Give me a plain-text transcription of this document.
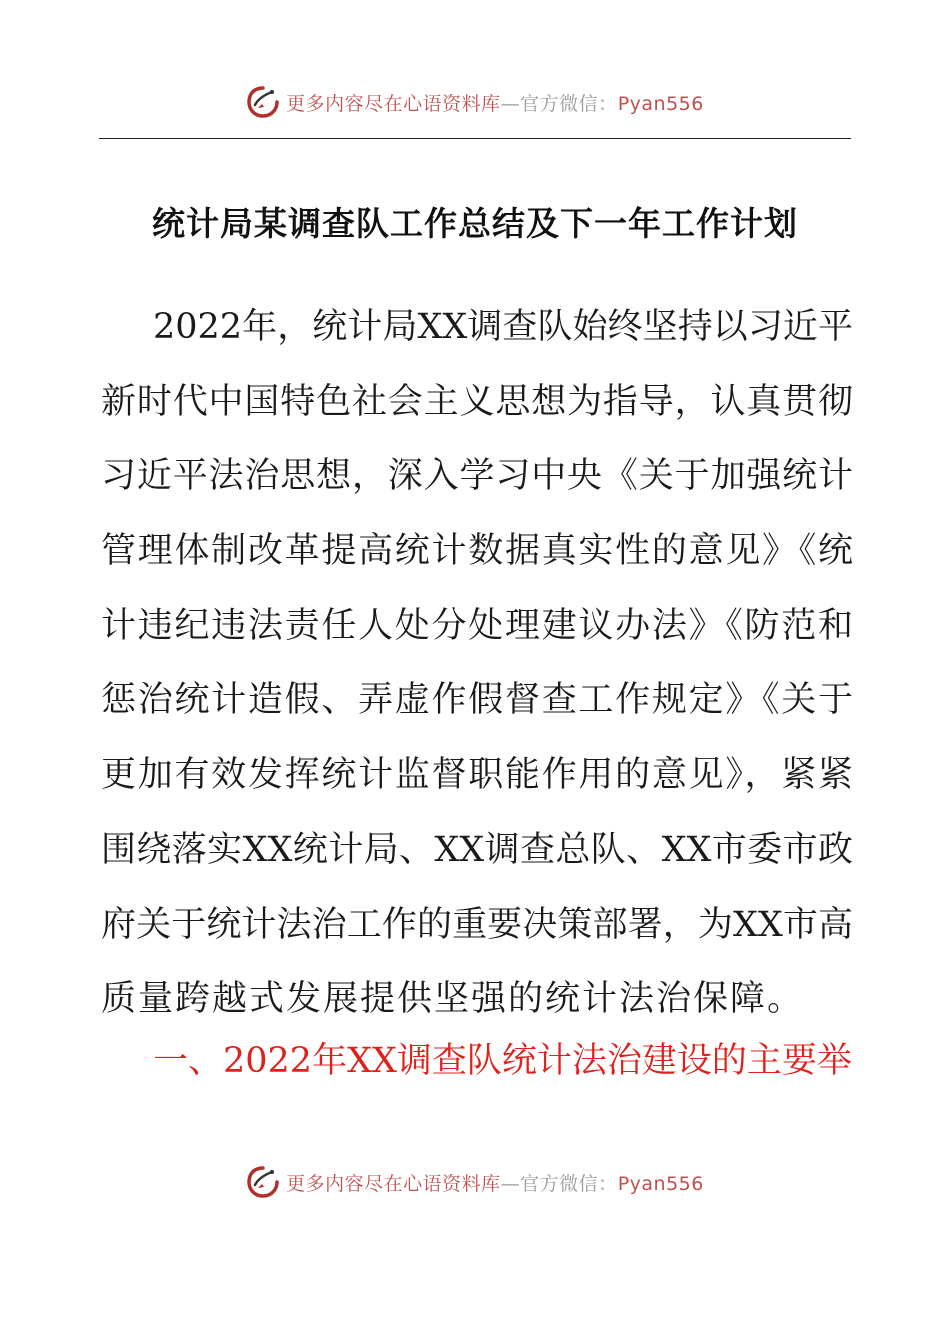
更多内容尽在心语资料库—官方微信：Pyan556
统计局某调查队工作总结及下一年工作计划
2022年，统计局XX调查队始终坚持以习近平
新时代中国特色社会主义思想为指导，认真贯彻
习近平法治思想，深入学习中央《关于加强统计
管理体制改革提高统计数据真实性的意见》《统
计违纪违法责任人处分处理建议办法》《防范和
惩治统计造假、弄虚作假督查工作规定》《关于
更加有效发挥统计监督职能作用的意见》，紧紧
围绕落实XX统计局、XX调查总队、XX市委市政
府关于统计法治工作的重要决策部署，为XX市高
质量跨越式发展提供坚强的统计法治保障。
一、2022年XX调查队统计法治建设的主要举
更多内容尽在心语资料库—官方微信：Pyan556
